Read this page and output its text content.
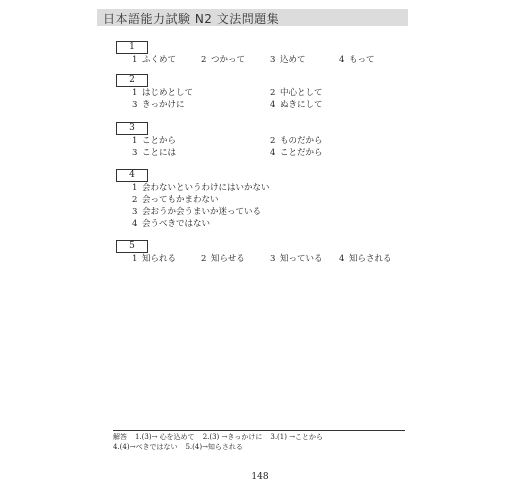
日本語能力試験 N2 文法問題集
1
1 ふくめて	2 つかって	3 込めて	4 もって
2
1 はじめとして	2 中心として
3 きっかけに	4 ぬきにして
3
1 ことから	2 ものだから
3 ことには	4 ことだから
4
1 会わないというわけにはいかない
2 会ってもかまわない
3 会おうか会うまいか迷っている
4 会うべきではない
5
1 知られる	2 知らせる	3 知っている 4 知らされる
解答 1.(3)→ 心を込めて 2.(3) →きっかけに 3.(1) →ことから
4.(4)→べきではない 5.(4)→知らされる
148
